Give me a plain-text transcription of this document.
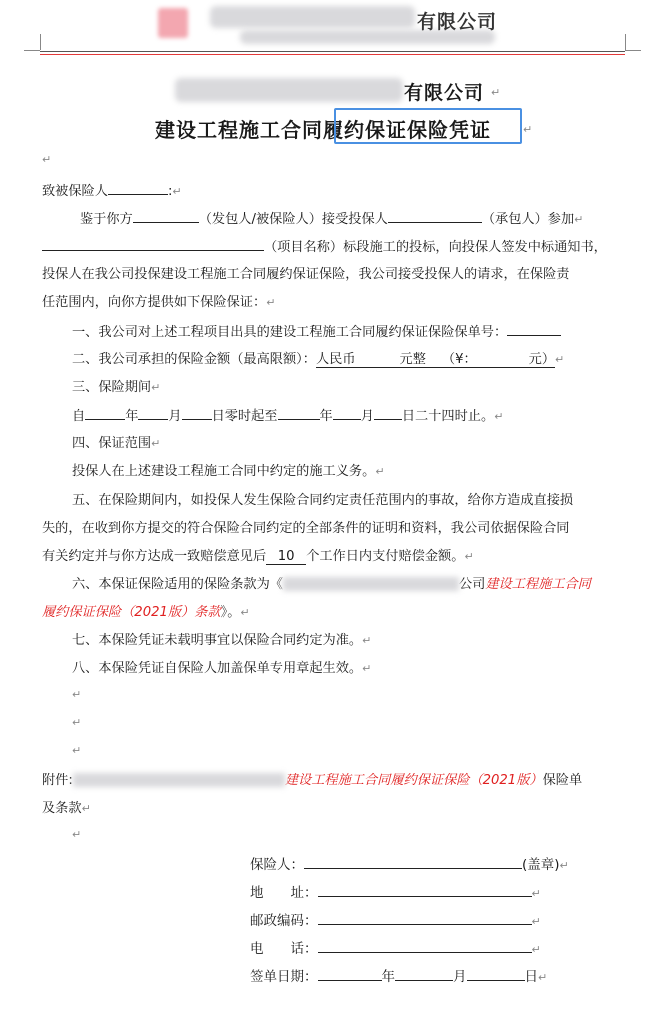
有限公司
有限公司 ↵
建设工程施工合同履约保证保险凭证	↵
↵
致被保险人	:↵
鉴于你方	（发包人/被保险人）接受投保人	（承包人）参加↵
（项目名称）标段施工的投标，向投保人签发中标通知书，
投保人在我公司投保建设工程施工合同履约保证保险，我公司接受投保人的请求，在保险责
任范围内，向你方提供如下保险保证：↵
一、我公司对上述工程项目出具的建设工程施工合同履约保证保险保单号：
二、我公司承担的保险金额（最高限额）：人民币	元整 （¥：	元）↵
三、保险期间↵
自	年 月 日零时起至	年 月 日二十四时止。↵
四、保证范围↵
投保人在上述建设工程施工合同中约定的施工义务。↵
五、在保险期间内，如投保人发生保险合同约定责任范围内的事故，给你方造成直接损
失的，在收到你方提交的符合保险合同约定的全部条件的证明和资料，我公司依据保险合同
有关约定并与你方达成一致赔偿意见后 10 个工作日内支付赔偿金额。↵
六、本保证保险适用的保险条款为《	公司建设工程施工合同
履约保证保险（2021版）条款》。↵
七、本保险凭证未载明事宜以保险合同约定为准。↵
八、本保险凭证自保险人加盖保单专用章起生效。↵
↵
↵
↵
附件:	建设工程施工合同履约保证保险（2021版）保险单
及条款↵
↵
保险人：	(盖章)↵
地　　址：	↵
邮政编码：	↵
电　　话：	↵
签单日期：	年	月	日↵
